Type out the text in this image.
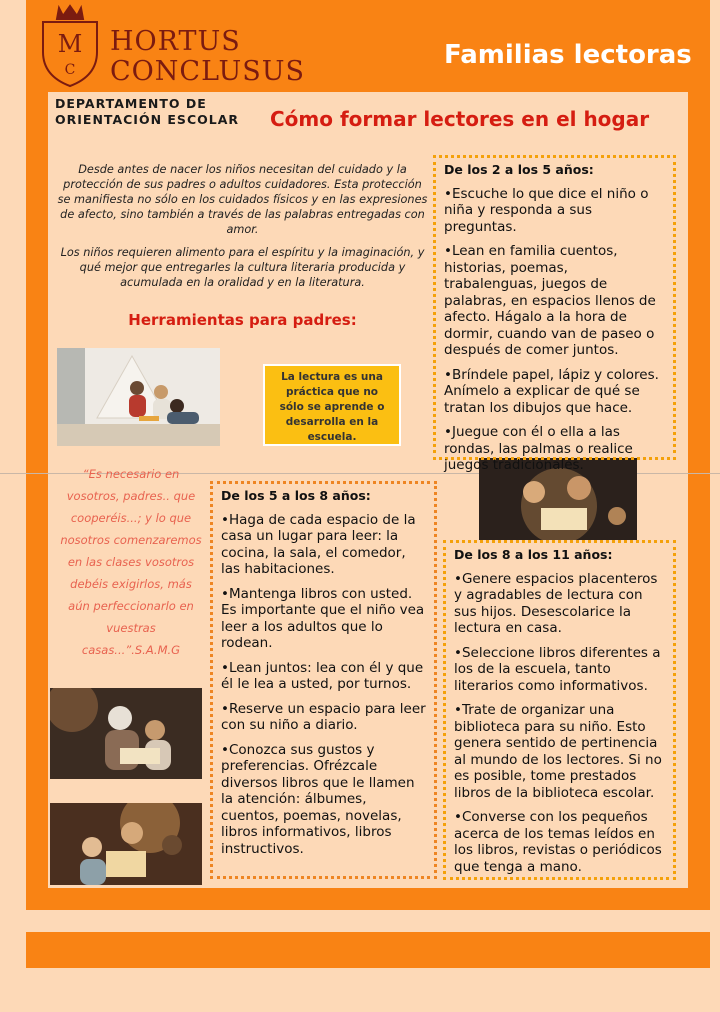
M
C
HORTUS
CONCLUSUS
Familias lectoras
DEPARTAMENTO DE ORIENTACIÓN ESCOLAR	Cómo formar lectores en el hogar

Desde antes de nacer los niños necesitan del cuidado y la protección de sus padres o adultos cuidadores. Esta protección se manifiesta no sólo en los cuidados físicos y en las expresiones de afecto, sino también a través de las palabras entregadas con amor.

Los niños requieren alimento para el espíritu y la imaginación, y qué mejor que entregarles la cultura literaria producida y acumulada en la oralidad y en la literatura.

Herramientas para padres:
La lectura es una práctica que no sólo se aprende o desarrolla en la escuela.
“Es necesario en vosotros, padres.. que cooperéis...; y lo que nosotros comenzaremos en las clases vosotros debéis exigirlos, más aún perfeccionarlo en vuestras casas...”.S.A.M.G
De los 2 a los 5 años:

•Escuche lo que dice el niño o niña y responda a sus preguntas.

•Lean en familia cuentos, historias, poemas, trabalenguas, juegos de palabras, en espacios llenos de afecto. Hágalo a la hora de dormir, cuando van de paseo o después de comer juntos.

•Bríndele papel, lápiz y colores. Anímelo a explicar de qué se tratan los dibujos que hace.

•Juegue con él o ella a las rondas, las palmas o realice juegos tradicionales.

De los 5 a los 8 años:

•Haga de cada espacio de la casa un lugar para leer: la cocina, la sala, el comedor, las habitaciones.

•Mantenga libros con usted. Es importante que el niño vea leer a los adultos que lo rodean.

•Lean juntos: lea con él y que él le lea a usted, por turnos.

•Reserve un espacio para leer con su niño a diario.

•Conozca sus gustos y preferencias. Ofrézcale diversos libros que le llamen la atención: álbumes, cuentos, poemas, novelas, libros informativos, libros instructivos.

De los 8 a los 11 años:

•Genere espacios placenteros y agradables de lectura con sus hijos. Desescolarice la lectura en casa.

•Seleccione libros diferentes a los de la escuela, tanto literarios como informativos.

•Trate de organizar una biblioteca para su niño. Esto genera sentido de pertinencia al mundo de los lectores. Si no es posible, tome prestados libros de la biblioteca escolar.

•Converse con los pequeños acerca de los temas leídos en los libros, revistas o periódicos que tenga a mano.
